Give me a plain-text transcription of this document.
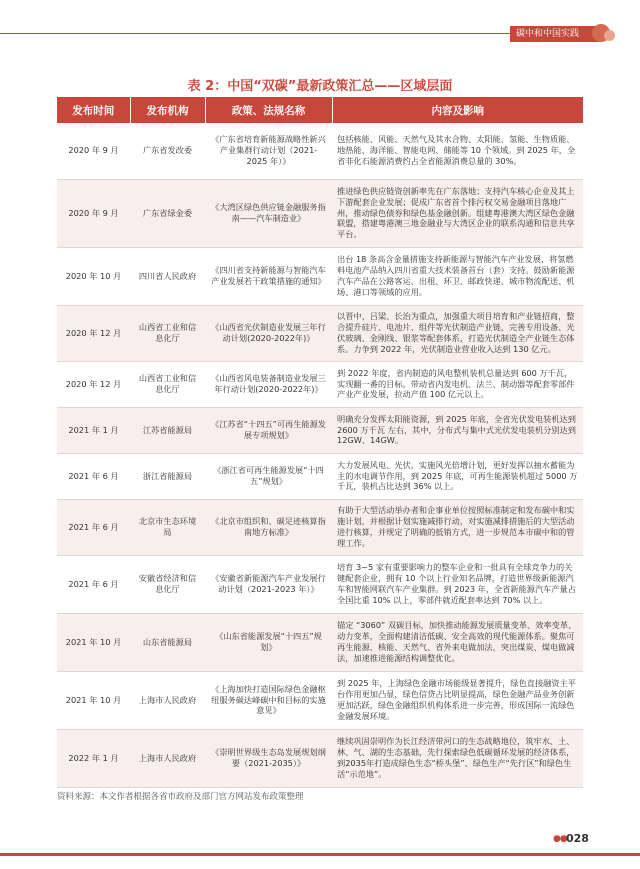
碳中和中国实践
表 2：中国“双碳”最新政策汇总——区域层面
发布时间	发布机构	政策、法规名称	内容及影响
2020 年 9 月	广东省发改委	《广东省培育新能源战略性新兴产业集群行动计划（2021-2025 年）》	包括核能、风能、天然气及其水合物、太阳能、氢能、生物质能、地热能、海洋能、智能电网、储能等 10 个领域。到 2025 年，全省非化石能源消费约占全省能源消费总量的 30%。
2020 年 9 月	广东省绿金委	《大湾区绿色供应链金融服务指南——汽车制造业》	推进绿色供应链资创新率先在广东落地；支持汽车核心企业及其上下游配套企业发展；促成广东省首个排污权交易金融项目落地广州，推动绿色债券和绿色基金融创新。组建粤港澳大湾区绿色金融联盟，搭建粤港澳三地金融业与大湾区企业的联系沟通和信息共享平台。
2020 年 10 月	四川省人民政府	《四川省支持新能源与智能汽车产业发展若干政策措施的通知》	出台 18 条高含金量措施支持新能源与智能汽车产业发展，将氢燃料电池产品纳入四川省重大技术装备首台（套）支持。鼓励新能源汽车产品在公路客运、出租、环卫、邮政快递、城市物流配送、机场、港口等领域的应用。
2020 年 12 月	山西省工业和信息化厅	《山西省光伏制造业发展三年行动计划(2020-2022年)》	以晋中、吕梁、长治为重点，加强重大项目培育和产业链招商，整合提升硅片、电池片、组件等光伏制造产业链，完善专用设备、光伏玻璃、金刚线、银浆等配套体系，打造光伏制造全产业链生态体系。力争到 2022 年，光伏制造业营业收入达到 130 亿元。
2020 年 12 月	山西省工业和信息化厅	《山西省风电装备制造业发展三年行动计划(2020-2022年)》	到 2022 年度，省内制造的风电整机装机总量达到 600 万千瓦，实现翻一番的目标。带动省内发电机、法兰、制动器等配套零部件产业产业发展，拉动产值 100 亿元以上。
2021 年 1 月	江苏省能源局	《江苏省“十四五”可再生能源发展专项规划》	明确充分发挥太阳能资源，到 2025 年底，全省光伏发电装机达到 2600 万千瓦 左右，其中，分布式与集中式光伏发电装机分别达到 12GW、14GW。
2021 年 6 月	浙江省能源局	《浙江省可再生能源发展“十四五”规划》	大力发展风电、光伏，实施风光倍增计划，更好发挥以抽水蓄能为主的水电调节作用，到 2025 年底，可再生能源装机超过 5000 万千瓦，装机占比达到 36% 以上。
2021 年 6 月	北京市生态环境局	《北京市组织和、碳足迹核算指南地方标准》	有助于大型活动举办者和企事业单位按照标准制定和发布碳中和实施计划，并根据计划实施减排行动，对实施减排措施后的大型活动进行核算，并规定了明确的抵销方式，进一步规范本市碳中和的管理工作。
2021 年 6 月	安徽省经济和信息化厅	《安徽省新能源汽车产业发展行动计划（2021-2023 年）》	培育 3~5 家有重要影响力的整车企业和一批具有全球竞争力的关键配套企业，拥有 10 个以上行业知名品牌，打造世界级新能源汽车和智能网联汽车产业集群。到 2023 年，全省新能源汽车产量占全国比重 10% 以上，零部件就近配套率达到 70% 以上。
2021 年 10 月	山东省能源局	《山东省能源发展“十四五”规划》	锚定 “3060” 双碳目标，加快推动能源发展质量变革、效率变革、动力变革，全面构建清洁低碳、安全高效的现代能源体系。聚焦可再生能源、核能、天然气、省外来电做加法，突出煤炭、煤电做减法，加速推进能源结构调整优化。
2021 年 10 月	上海市人民政府	《上海加快打造国际绿色金融枢纽服务碳达峰碳中和目标的实施意见》	到 2025 年，上海绿色金融市场能级显著提升，绿色直接融资主平台作用更加凸显，绿色信贷占比明显提高，绿色金融产品业务创新更加活跃，绿色金融组织机构体系进一步完善，形成国际一流绿色金融发展环境。
2022 年 1 月	上海市人民政府	《崇明世界级生态岛发展规划纲要（2021-2035）》	继续巩固崇明作为长江经济带河口的生态战略地位，筑牢水、土、林、气、湖的生态基础，先行探索绿色低碳循环发展的经济体系，到2035年打造成绿色生态“桥头堡”、绿色生产“先行区”和绿色生活“示范地”。
资料来源：本文作者根据各省市政府及部门官方网站发布政策整理
●● 028
